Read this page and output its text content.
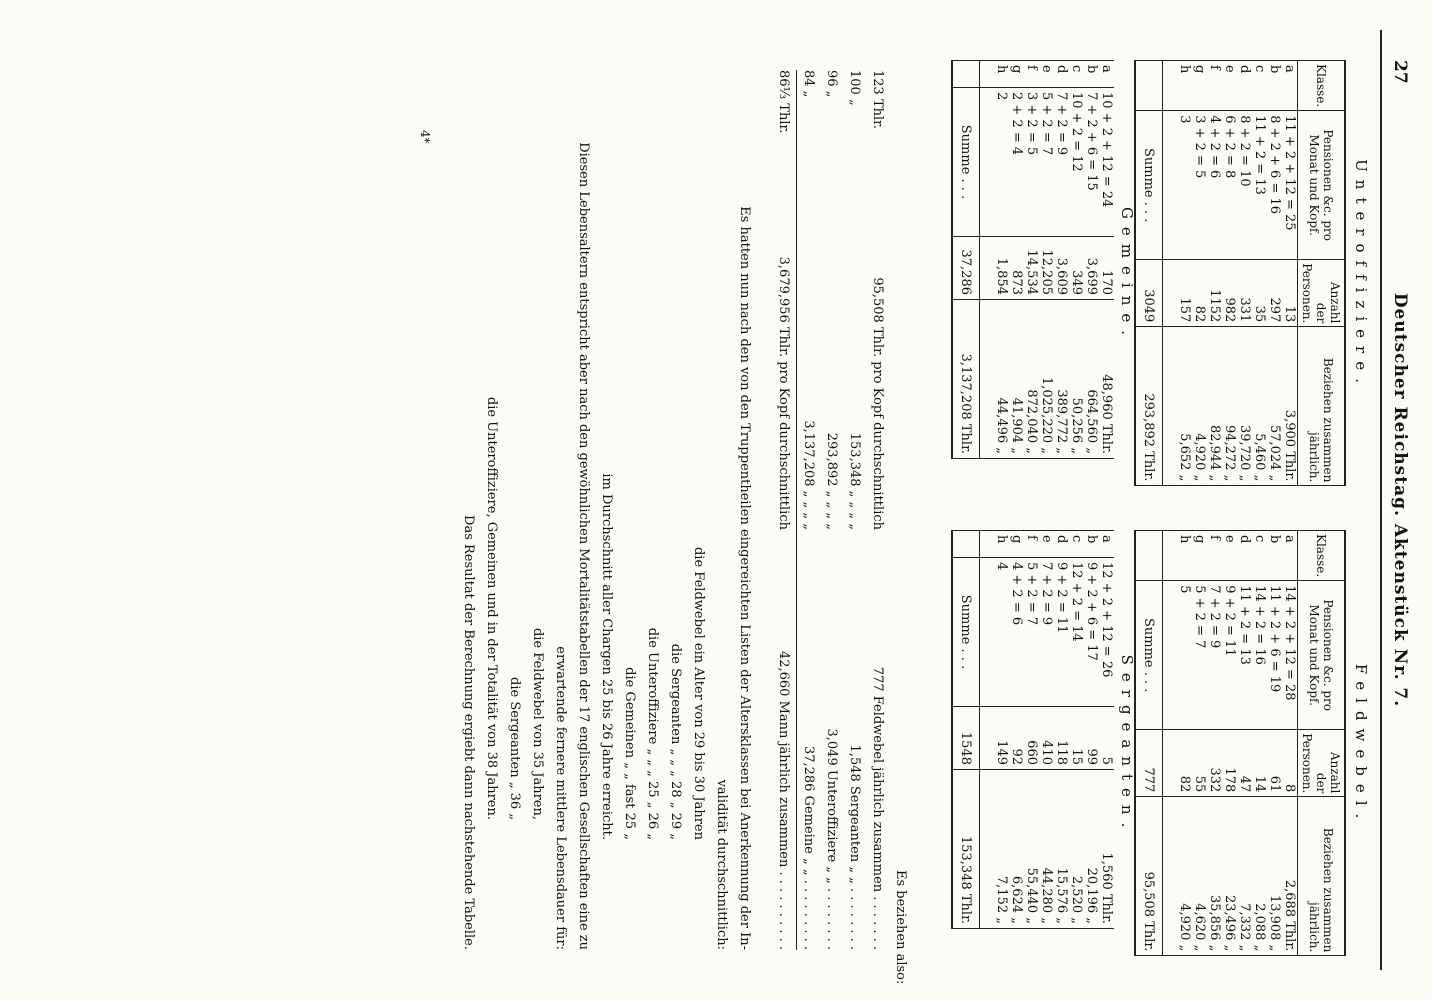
27
Deutscher Reichstag. Aktenstück Nr. 7.
Unteroffiziere.
Feldwebel.
Klasse.	Pensionen &c. pro Monat und Kopf.	Anzahl der Personen.	Beziehen zusammen jährlich.
a	11 + 2 + 12 = 25	13	3,900 Thlr.
b	8 + 2 + 6 = 16	297	57,024 „
c	11 + 2 = 13	35	5,460 „
d	8 + 2 = 10	331	39,720 „
e	6 + 2 = 8	982	94,272 „
f	4 + 2 = 6	1152	82,944 „
g	3 + 2 = 5	82	4,920 „
h	3	157	5,652 „

	Summe . . .	3049	293,892 Thlr.
Klasse.	Pensionen &c. pro Monat und Kopf.	Anzahl der Personen.	Beziehen zusammen jährlich.
a	14 + 2 + 12 = 28	8	2,688 Thlr.
b	11 + 2 + 6 = 19	61	13,908 „
c	14 + 2 = 16	14	2,088 „
d	11 + 2 = 13	47	7,332 „
e	9 + 2 = 11	178	23,496 „
f	7 + 2 = 9	332	35,856 „
g	5 + 2 = 7	55	4,620 „
h	5	82	4,920 „

	Summe . . .	777	95,508 Thlr.
Gemeine.
Sergeanten.
a	10 + 2 + 12 = 24	170	48,960 Thlr.
b	7 + 2 + 6 = 15	3,699	664,560 „
c	10 + 2 = 12	349	50,256 „
d	7 + 2 = 9	3,609	389,772 „
e	5 + 2 = 7	12,205	1,025,220 „
f	3 + 2 = 5	14,534	872,040 „
g	2 + 2 = 4	873	41,904 „
h	2	1,854	44,496 „

	Summe . . .	37,286	3,137,208 Thlr.
a	12 + 2 + 12 = 26	5	1,560 Thlr.
b	9 + 2 + 6 = 17	99	20,196 „
c	12 + 2 = 14	15	2,520 „
d	9 + 2 = 11	118	15,576 „
e	7 + 2 = 9	410	44,280 „
f	5 + 2 = 7	660	55,440 „
g	4 + 2 = 6	92	6,624 „
h	4	149	7,152 „

	Summe . . .	1548	153,348 Thlr.
Es beziehen also:
123 Thlr.
95,508 Thlr. pro Kopf durchschnittlich
777 Feldwebel jährlich zusammen . . . . . . .
100 „
153,348 „ „ „ „
1,548 Sergeanten „ „ . . . . . . . .
96 „
293,892 „ „ „ „
3,049 Unteroffiziere „ „ . . . . . . . .
84 „
3,137,208 „ „ „ „
37,286 Gemeine „ „ . . . . . . . . .
86⅓ Thlr.
3,679,956 Thlr. pro Kopf durchschnittlich
42,660 Mann jährlich zusammen . . . . . . . . . .
Es hatten nun nach den von den Truppentheilen eingereichten Listen der Altersklassen bei Anerkennung der In-
validität durchschnittlich:
die Feldwebel ein Alter von 29 bis 30 Jahren
die Sergeanten „ „ „ 28 „ 29 „
die Unteroffiziere „ „ „ 25 „ 26 „
die Gemeinen „ „ fast 25 „
im Durchschnitt aller Chargen 25 bis 26 Jahre erreicht.
Diesen Lebensaltern entspricht aber nach den gewöhnlichen Mortalitätstabellen der 17 englischen Gesellschaften eine zu
erwartende fernere mittlere Lebensdauer für:
die Feldwebel von 35 Jahren,
die Sergeanten „ 36 „
die Unteroffiziere, Gemeinen und in der Totalität von 38 Jahren.
Das Resultat der Berechnung ergiebt dann nachstehende Tabelle.
4*
